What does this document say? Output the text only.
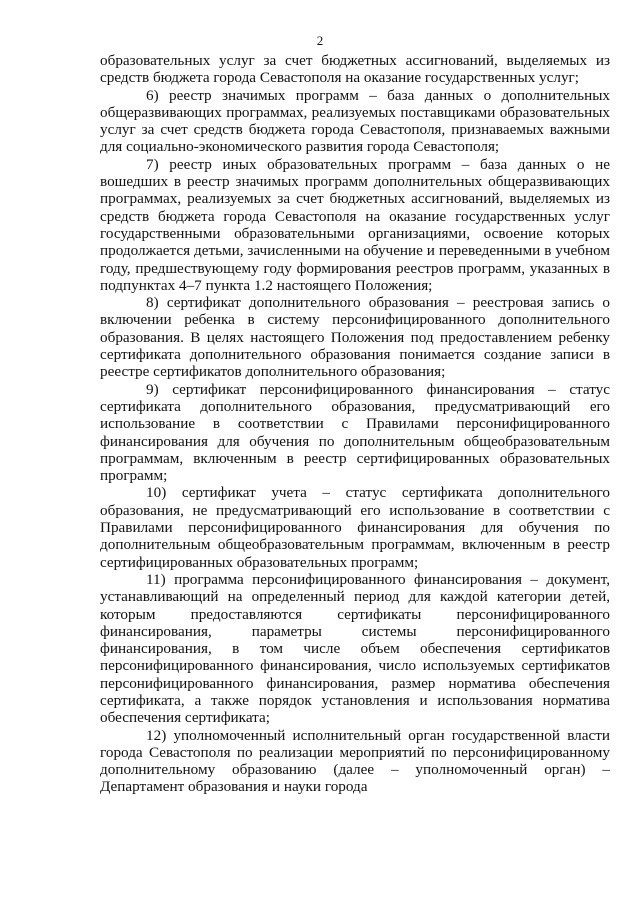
2

образовательных услуг за счет бюджетных ассигнований, выделяемых из средств бюджета города Севастополя на оказание государственных услуг;

6) реестр значимых программ – база данных о дополнительных общеразвивающих программах, реализуемых поставщиками образовательных услуг за счет средств бюджета города Севастополя, признаваемых важными для социально-экономического развития города Севастополя;

7) реестр иных образовательных программ – база данных о не вошедших в реестр значимых программ дополнительных общеразвивающих программах, реализуемых за счет бюджетных ассигнований, выделяемых из средств бюджета города Севастополя на оказание государственных услуг государственными образовательными организациями, освоение которых продолжается детьми, зачисленными на обучение и переведенными в учебном году, предшествующему году формирования реестров программ, указанных в подпунктах 4–7 пункта 1.2 настоящего Положения;

8) сертификат дополнительного образования – реестровая запись о включении ребенка в систему персонифицированного дополнительного образования. В целях настоящего Положения под предоставлением ребенку сертификата дополнительного образования понимается создание записи в реестре сертификатов дополнительного образования;

9) сертификат персонифицированного финансирования – статус сертификата дополнительного образования, предусматривающий его использование в соответствии с Правилами персонифицированного финансирования для обучения по дополнительным общеобразовательным программам, включенным в реестр сертифицированных образовательных программ;

10) сертификат учета – статус сертификата дополнительного образования, не предусматривающий его использование в соответствии с Правилами персонифицированного финансирования для обучения по дополнительным общеобразовательным программам, включенным в реестр сертифицированных образовательных программ;

11) программа персонифицированного финансирования – документ, устанавливающий на определенный период для каждой категории детей, которым предоставляются сертификаты персонифицированного финансирования, параметры системы персонифицированного финансирования, в том числе объем обеспечения сертификатов персонифицированного финансирования, число используемых сертификатов персонифицированного финансирования, размер норматива обеспечения сертификата, а также порядок установления и использования норматива обеспечения сертификата;

12) уполномоченный исполнительный орган государственной власти города Севастополя по реализации мероприятий по персонифицированному дополнительному образованию (далее – уполномоченный орган) – Департамент образования и науки города
